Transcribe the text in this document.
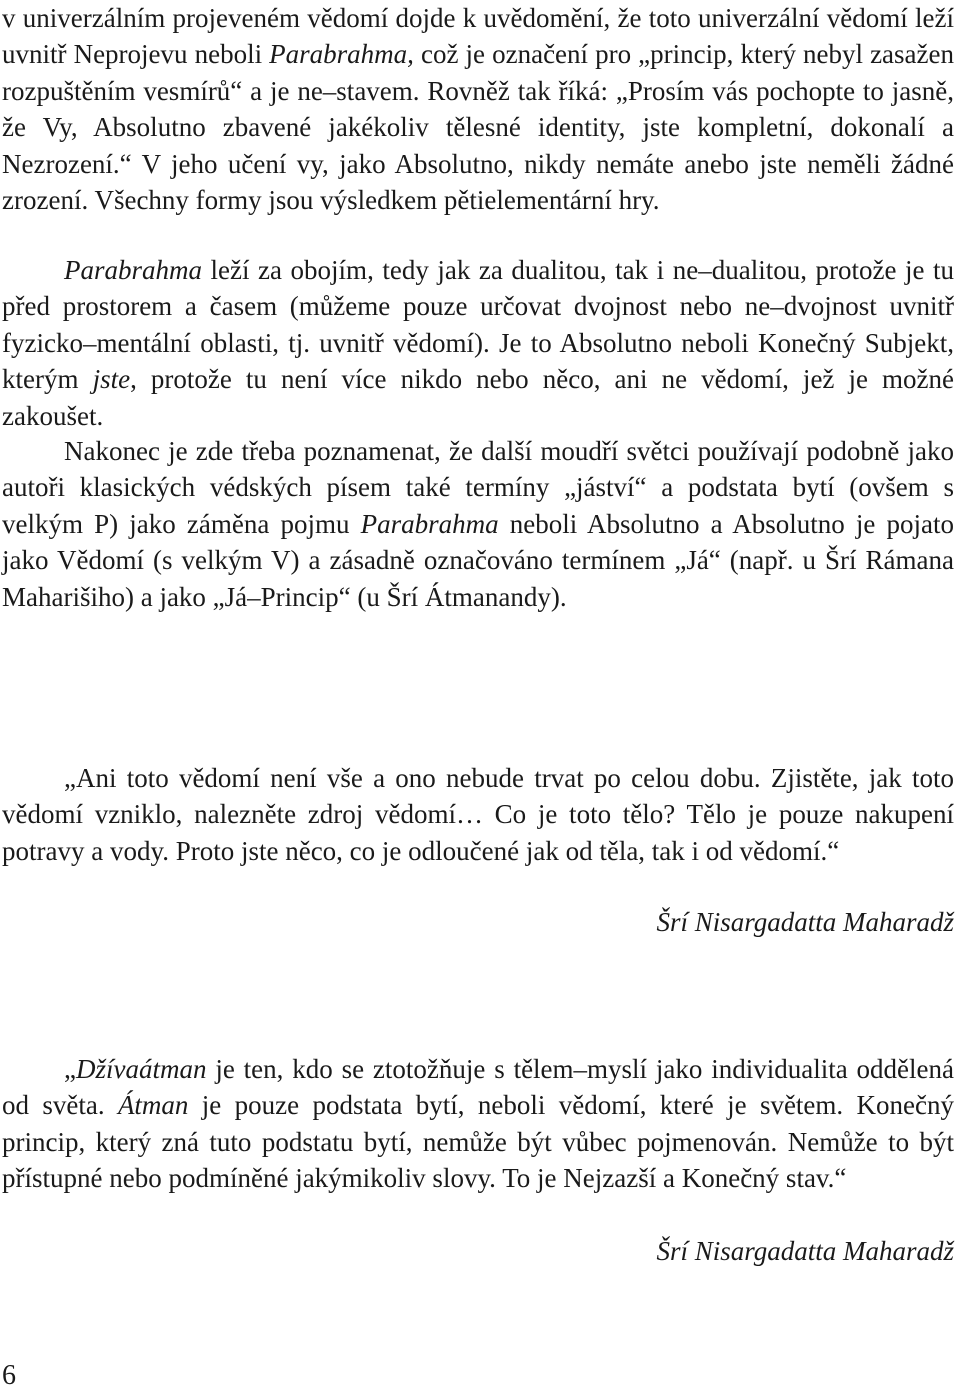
v univerzálním projeveném vědomí dojde k uvědomění, že toto univerzální vědomí leží uvnitř Neprojevu neboli Parabrahma, což je označení pro „princip, který nebyl zasažen rozpuštěním vesmírů“ a je ne–stavem. Rovněž tak říká: „Prosím vás pochopte to jasně, že Vy, Absolutno zbavené jakékoliv tělesné identity, jste kompletní, dokonalí a Nezrození.“ V jeho učení vy, jako Absolutno, nikdy nemáte anebo jste neměli žádné zrození. Všechny formy jsou výsledkem pětielementární hry.

Parabrahma leží za obojím, tedy jak za dualitou, tak i ne–dualitou, protože je tu před prostorem a časem (můžeme pouze určovat dvojnost nebo ne–dvojnost uvnitř fyzicko–mentální oblasti, tj. uvnitř vědomí). Je to Absolutno neboli Konečný Subjekt, kterým jste, protože tu není více nikdo nebo něco, ani ne vědomí, jež je možné zakoušet.

Nakonec je zde třeba poznamenat, že další moudří světci používají podobně jako autoři klasických védských písem také termíny „jáství“ a podstata bytí (ovšem s velkým P) jako záměna pojmu Parabrahma neboli Absolutno a Absolutno je pojato jako Vědomí (s velkým V) a zásadně označováno termínem „Já“ (např. u Šrí Rámana Maharišiho) a jako „Já–Princip“ (u Šrí Átmanandy).

„Ani toto vědomí není vše a ono nebude trvat po celou dobu. Zjistěte, jak toto vědomí vzniklo, nalezněte zdroj vědomí… Co je toto tělo? Tělo je pouze nakupení potravy a vody. Proto jste něco, co je odloučené jak od těla, tak i od vědomí.“

Šrí Nisargadatta Maharadž

„Džívaátman je ten, kdo se ztotožňuje s tělem–myslí jako individualita oddělená od světa. Átman je pouze podstata bytí, neboli vědomí, které je světem. Konečný princip, který zná tuto podstatu bytí, nemůže být vůbec pojmenován. Nemůže to být přístupné nebo podmíněné jakýmikoliv slovy. To je Nejzazší a Konečný stav.“

Šrí Nisargadatta Maharadž

6
